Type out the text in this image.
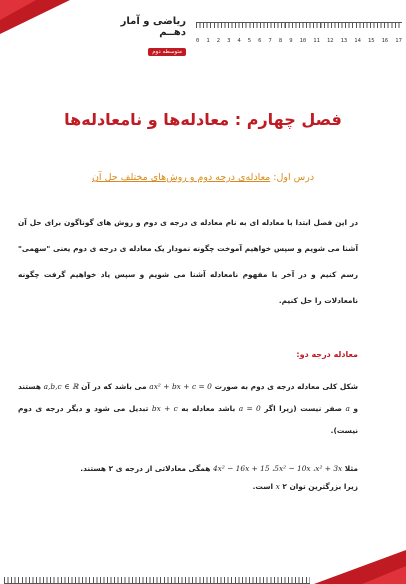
ریاضی و آمار دهــم
متوسطه دوم
0 1 2 3 4 5 6 7 8 9 10 11 12 13 14 15 16 17
فصل چهارم : معادله‌ها و نامعادله‌ها
درس اول: معادله‌ی درجه دوم و روش‌های مختلف حل آن
در این فصل ابتدا با معادله ای به نام معادله ی درجه ی دوم و روش های گوناگون برای حل آن آشنا می شویم و سپس خواهیم آموخت چگونه نمودار یک معادله ی درجه ی دوم یعنی "سهمی" رسم کنیم و در آخر با مفهوم نامعادله آشنا می شویم و سپس یاد خواهیم گرفت چگونه نامعادلات را حل کنیم.
معادله درجه دو:
شکل کلی معادله درجه ی دوم به صورت ax² + bx + c = 0 می باشد که در آن a,b,c ∈ ℝ هستند و a صفر نیست (زیرا اگر a = 0 باشد معادله به bx + c تبدیل می شود و دیگر درجه ی دوم نیست).
مثلا 4x² − 16x + 15 ،5x² − 10x ،x² + 3x همگی معادلاتی از درجه ی ۲ هستند.
زیرا بزرگترین توان x ۲ است.
